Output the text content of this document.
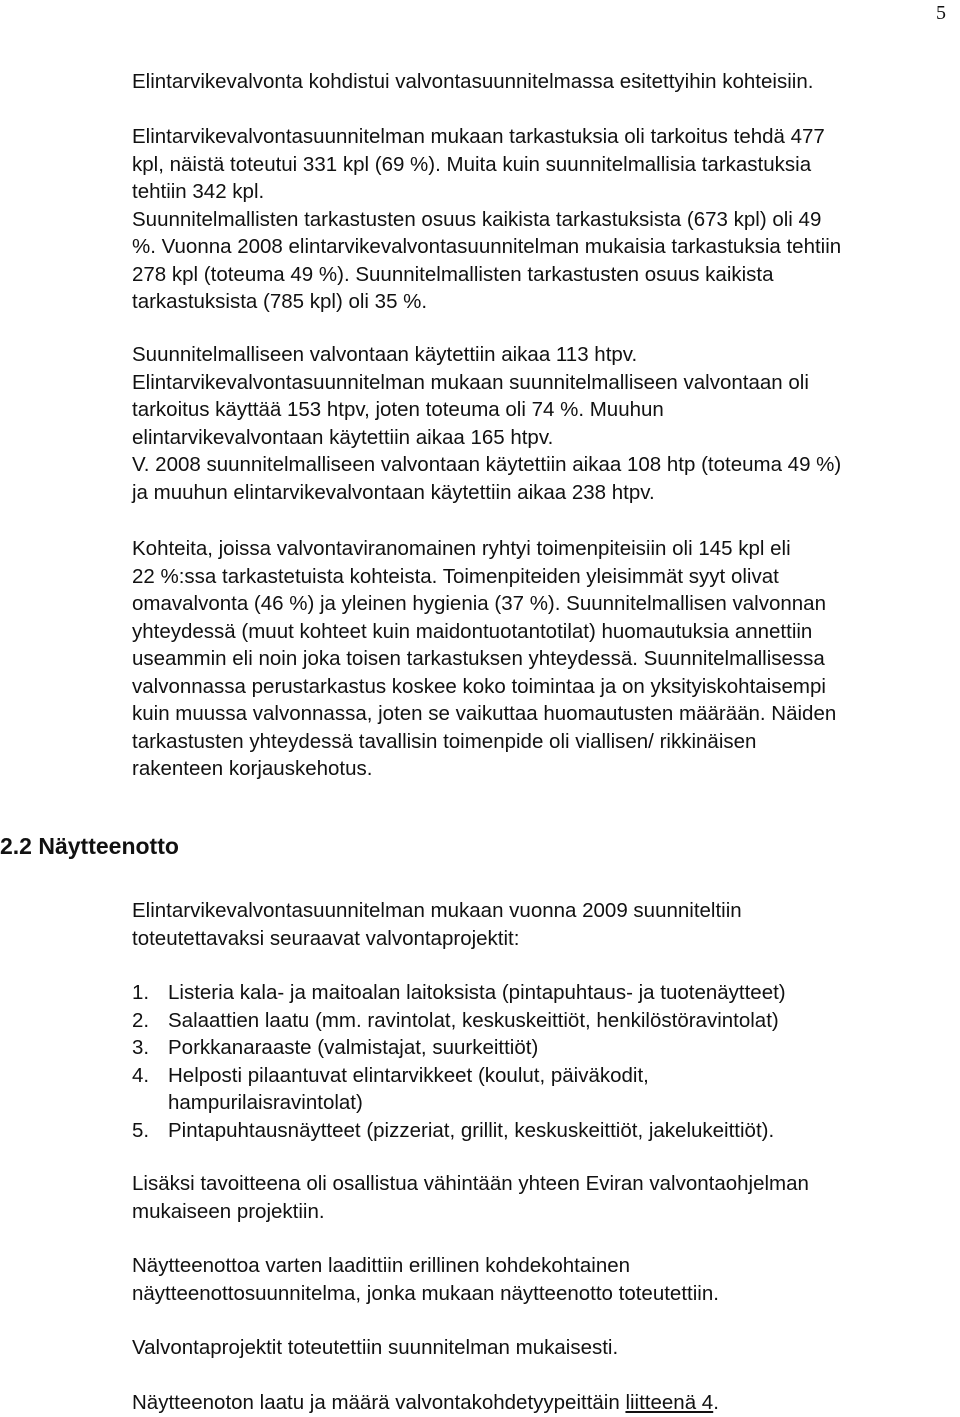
5

Elintarvikevalvonta kohdistui valvontasuunnitelmassa esitettyihin kohteisiin.

Elintarvikevalvontasuunnitelman mukaan tarkastuksia oli tarkoitus tehdä 477
kpl, näistä toteutui 331 kpl (69 %). Muita kuin suunnitelmallisia tarkastuksia
tehtiin 342 kpl.
Suunnitelmallisten tarkastusten osuus kaikista tarkastuksista (673 kpl) oli 49
%. Vuonna 2008 elintarvikevalvontasuunnitelman mukaisia tarkastuksia tehtiin
278 kpl (toteuma 49 %). Suunnitelmallisten tarkastusten osuus kaikista
tarkastuksista (785 kpl) oli 35 %.

Suunnitelmalliseen valvontaan käytettiin aikaa 113 htpv.
Elintarvikevalvontasuunnitelman mukaan suunnitelmalliseen valvontaan oli
tarkoitus käyttää 153 htpv, joten toteuma oli 74 %. Muuhun
elintarvikevalvontaan käytettiin aikaa 165 htpv.
V. 2008 suunnitelmalliseen valvontaan käytettiin aikaa 108 htp (toteuma 49 %)
ja muuhun elintarvikevalvontaan käytettiin aikaa 238 htpv.

Kohteita, joissa valvontaviranomainen ryhtyi toimenpiteisiin oli 145 kpl eli
22 %:ssa tarkastetuista kohteista. Toimenpiteiden yleisimmät syyt olivat
omavalvonta (46 %) ja yleinen hygienia (37 %). Suunnitelmallisen valvonnan
yhteydessä (muut kohteet kuin maidontuotantotilat) huomautuksia annettiin
useammin eli noin joka toisen tarkastuksen yhteydessä. Suunnitelmallisessa
valvonnassa perustarkastus koskee koko toimintaa ja on yksityiskohtaisempi
kuin muussa valvonnassa, joten se vaikuttaa huomautusten määrään. Näiden
tarkastusten yhteydessä tavallisin toimenpide oli viallisen/ rikkinäisen
rakenteen korjauskehotus.

2.2 Näytteenotto

Elintarvikevalvontasuunnitelman mukaan vuonna 2009 suunniteltiin
toteutettavaksi seuraavat valvontaprojektit:

1. Listeria kala- ja maitoalan laitoksista (pintapuhtaus- ja tuotenäytteet)
2. Salaattien laatu (mm. ravintolat, keskuskeittiöt, henkilöstöravintolat)
3. Porkkanaraaste (valmistajat, suurkeittiöt)
4. Helposti pilaantuvat elintarvikkeet (koulut, päiväkodit,
hampurilaisravintolat)
5. Pintapuhtausnäytteet (pizzeriat, grillit, keskuskeittiöt, jakelukeittiöt).

Lisäksi tavoitteena oli osallistua vähintään yhteen Eviran valvontaohjelman
mukaiseen projektiin.

Näytteenottoa varten laadittiin erillinen kohdekohtainen
näytteenottosuunnitelma, jonka mukaan näytteenotto toteutettiin.

Valvontaprojektit toteutettiin suunnitelman mukaisesti.

Näytteenoton laatu ja määrä valvontakohdetyypeittäin liitteenä 4.
